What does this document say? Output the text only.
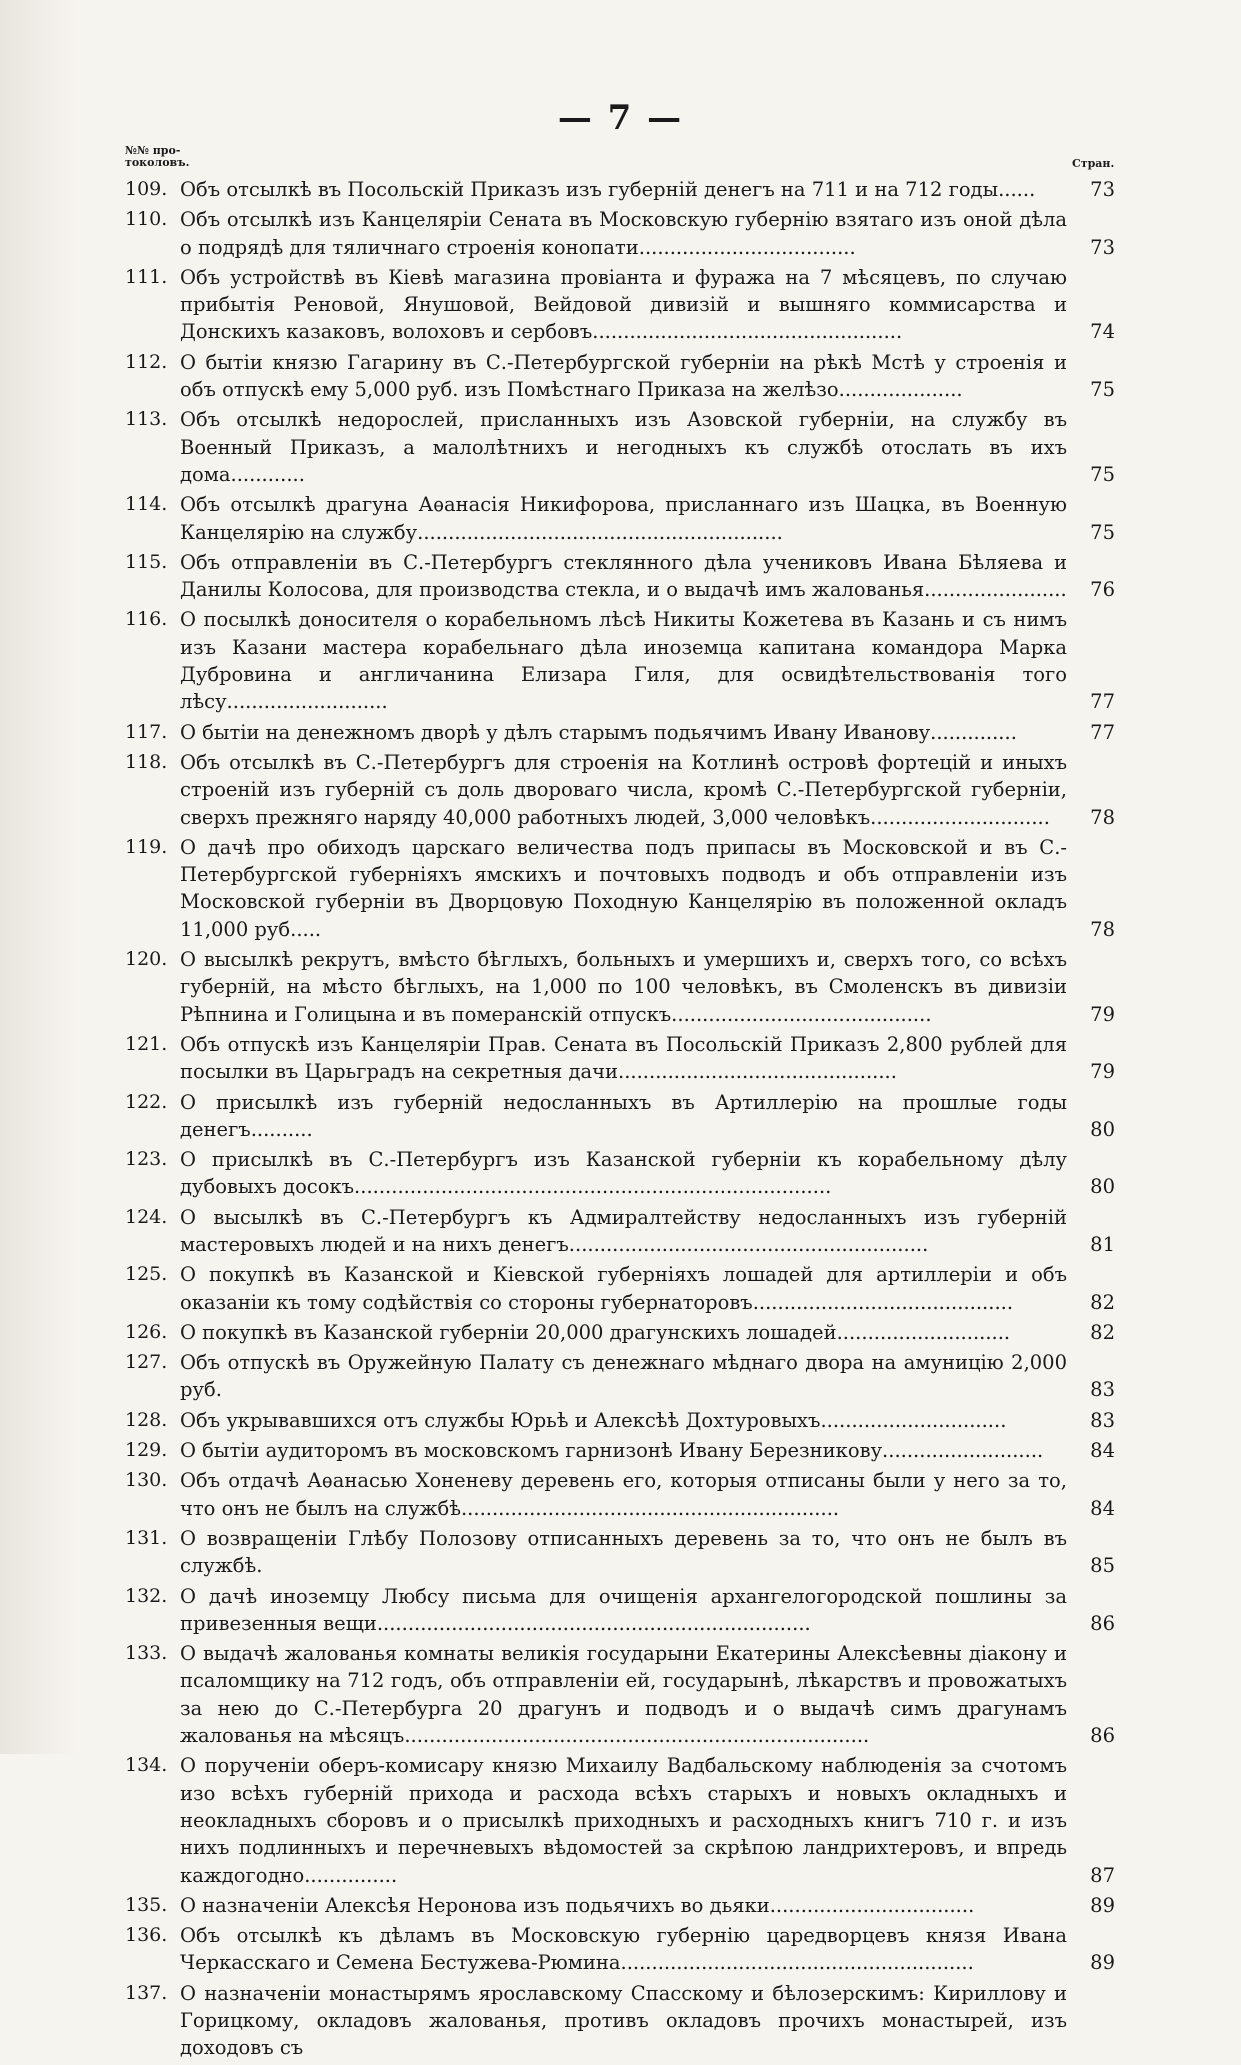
— 7 —
№№ про-
токоловъ.	Стран.
109. Объ отсылкѣ въ Посольскій Приказъ изъ губерній денегъ на 711 и на 712 годы......	73
110. Объ отсылкѣ изъ Канцеляріи Сената въ Московскую губернію взятаго изъ оной дѣла о подрядѣ для тяличнаго строенія конопати...................................	73
111. Объ устройствѣ въ Кіевѣ магазина провіанта и фуража на 7 мѣсяцевъ, по случаю прибытія Реновой, Янушовой, Вейдовой дивизій и вышняго коммисарства и Донскихъ казаковъ, волоховъ и сербовъ..................................................	74
112. О бытіи князю Гагарину въ С.-Петербургской губерніи на рѣкѣ Мстѣ у строенія и объ отпускѣ ему 5,000 руб. изъ Помѣстнаго Приказа на желѣзо....................	75
113. Объ отсылкѣ недорослей, присланныхъ изъ Азовской губерніи, на службу въ Военный Приказъ, а малолѣтнихъ и негодныхъ къ службѣ отослать въ ихъ дома............	75
114. Объ отсылкѣ драгуна Аѳанасія Никифорова, присланнаго изъ Шацка, въ Военную Канцелярію на службу...........................................................	75
115. Объ отправленіи въ С.-Петербургъ стеклянного дѣла учениковъ Ивана Бѣляева и Данилы Колосова, для производства стекла, и о выдачѣ имъ жалованья.......................	76
116. О посылкѣ доносителя о корабельномъ лѣсѣ Никиты Кожетева въ Казань и съ нимъ изъ Казани мастера корабельнаго дѣла иноземца капитана командора Марка Дубровина и англичанина Елизара Гиля, для освидѣтельствованія того лѣсу..........................	77
117. О бытіи на денежномъ дворѣ у дѣлъ старымъ подьячимъ Ивану Иванову..............	77
118. Объ отсылкѣ въ С.-Петербургъ для строенія на Котлинѣ островѣ фортецій и иныхъ строеній изъ губерній съ доль двороваго числа, кромѣ С.-Петербургской губерніи, сверхъ прежняго наряду 40,000 работныхъ людей, 3,000 человѣкъ.............................	78
119. О дачѣ про обиходъ царскаго величества подъ припасы въ Московской и въ С.-Петербургской губерніяхъ ямскихъ и почтовыхъ подводъ и объ отправленіи изъ Московской губерніи въ Дворцовую Походную Канцелярію въ положенной окладъ 11,000 руб.....	78
120. О высылкѣ рекрутъ, вмѣсто бѣглыхъ, больныхъ и умершихъ и, сверхъ того, со всѣхъ губерній, на мѣсто бѣглыхъ, на 1,000 по 100 человѣкъ, въ Смоленскъ въ дивизіи Рѣпнина и Голицына и въ померанскій отпускъ..........................................	79
121. Объ отпускѣ изъ Канцеляріи Прав. Сената въ Посольскій Приказъ 2,800 рублей для посылки въ Царьградъ на секретныя дачи.............................................	79
122. О присылкѣ изъ губерній недосланныхъ въ Артиллерію на прошлые годы денегъ..........	80
123. О присылкѣ въ С.-Петербургъ изъ Казанской губерніи къ корабельному дѣлу дубовыхъ досокъ.............................................................................	80
124. О высылкѣ въ С.-Петербургъ къ Адмиралтейству недосланныхъ изъ губерній мастеровыхъ людей и на нихъ денегъ..........................................................	81
125. О покупкѣ въ Казанской и Кіевской губерніяхъ лошадей для артиллеріи и объ оказаніи къ тому содѣйствія со стороны губернаторовъ..........................................	82
126. О покупкѣ въ Казанской губерніи 20,000 драгунскихъ лошадей............................	82
127. Объ отпускѣ въ Оружейную Палату съ денежнаго мѣднаго двора на амуницію 2,000 руб.	83
128. Объ укрывавшихся отъ службы Юрьѣ и Алексѣѣ Дохтуровыхъ..............................	83
129. О бытіи аудиторомъ въ московскомъ гарнизонѣ Ивану Березникову..........................	84
130. Объ отдачѣ Аѳанасью Хоненеву деревень его, которыя отписаны были у него за то, что онъ не былъ на службѣ.............................................................	84
131. О возвращеніи Глѣбу Полозову отписанныхъ деревень за то, что онъ не былъ въ службѣ.	85
132. О дачѣ иноземцу Любсу письма для очищенія архангелогородской пошлины за привезенныя вещи......................................................................	86
133. О выдачѣ жалованья комнаты великія государыни Екатерины Алексѣевны діакону и псаломщику на 712 годъ, объ отправленіи ей, государынѣ, лѣкарствъ и провожатыхъ за нею до С.-Петербурга 20 драгунъ и подводъ и о выдачѣ симъ драгунамъ жалованья на мѣсяцъ...........................................................................	86
134. О порученіи оберъ-комисару князю Михаилу Вадбальскому наблюденія за счотомъ изо всѣхъ губерній прихода и расхода всѣхъ старыхъ и новыхъ окладныхъ и неокладныхъ сборовъ и о присылкѣ приходныхъ и расходныхъ книгъ 710 г. и изъ нихъ подлинныхъ и перечневыхъ вѣдомостей за скрѣпою ландрихтеровъ, и впредь каждогодно...............	87
135. О назначеніи Алексѣя Неронова изъ подьячихъ во дьяки.................................	89
136. Объ отсылкѣ къ дѣламъ въ Московскую губернію царедворцевъ князя Ивана Черкасскаго и Семена Бестужева-Рюмина.........................................................	89
137. О назначеніи монастырямъ ярославскому Спасскому и бѣлозерскимъ: Кириллову и Горицкому, окладовъ жалованья, противъ окладовъ прочихъ монастырей, изъ доходовъ съ
